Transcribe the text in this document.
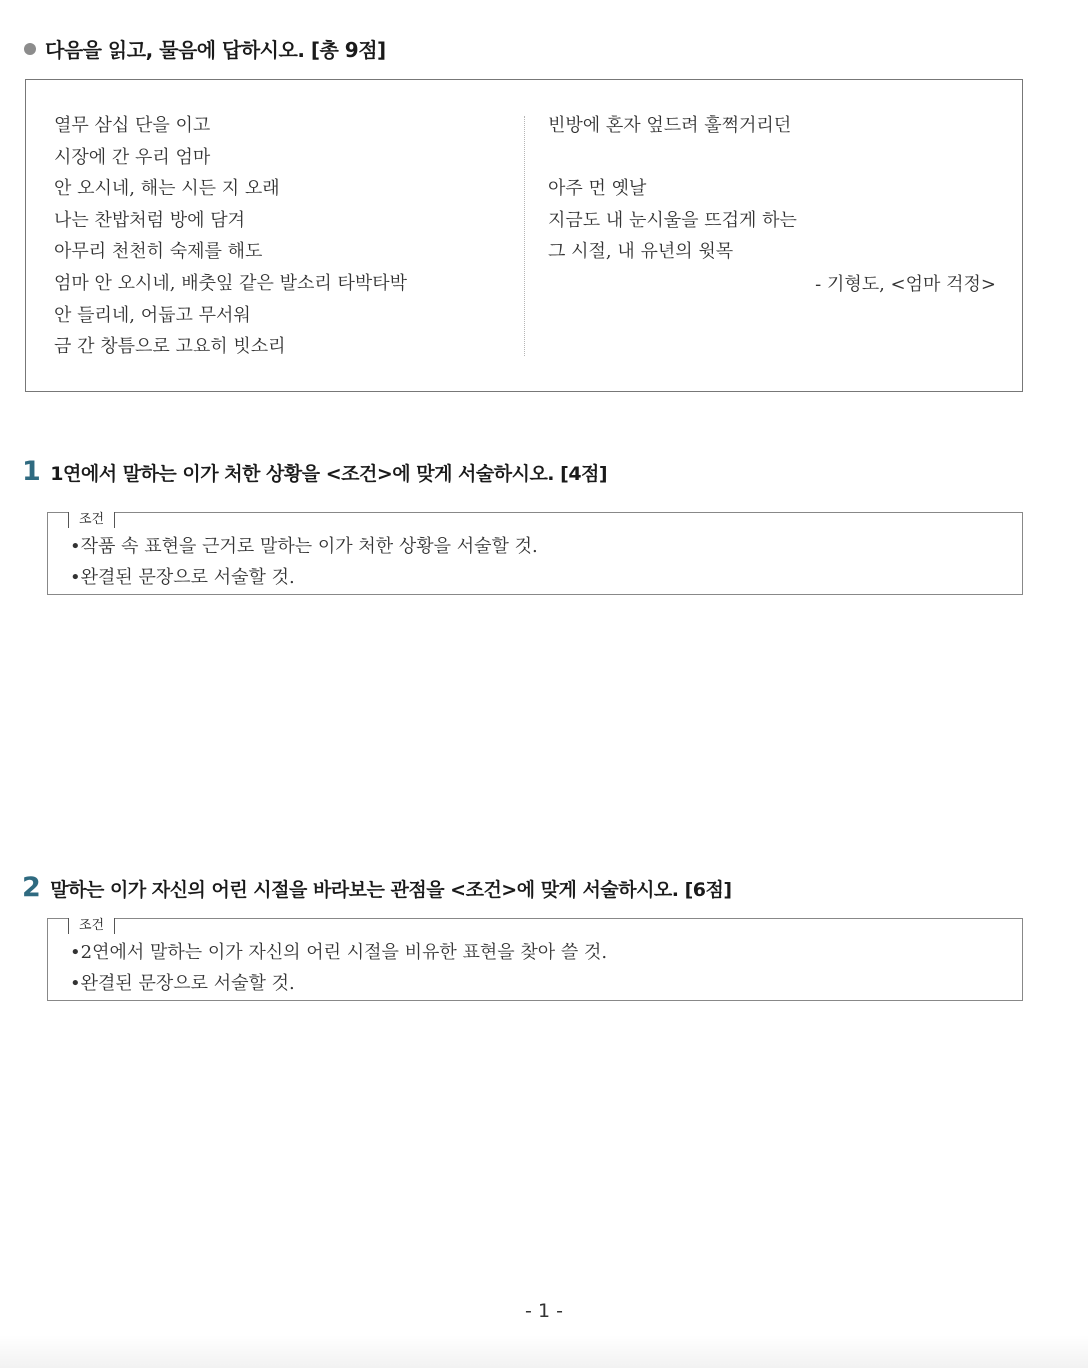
다음을 읽고, 물음에 답하시오. [총 9점]
열무 삼십 단을 이고
시장에 간 우리 엄마
안 오시네, 해는 시든 지 오래
나는 찬밥처럼 방에 담겨
아무리 천천히 숙제를 해도
엄마 안 오시네, 배춧잎 같은 발소리 타박타박
안 들리네, 어둡고 무서워
금 간 창틈으로 고요히 빗소리
빈방에 혼자 엎드려 훌쩍거리던
아주 먼 옛날
지금도 내 눈시울을 뜨겁게 하는
그 시절, 내 유년의 윗목
- 기형도, <엄마 걱정>
1 1연에서 말하는 이가 처한 상황을 <조건>에 맞게 서술하시오. [4점]
조건
•작품 속 표현을 근거로 말하는 이가 처한 상황을 서술할 것.
•완결된 문장으로 서술할 것.
2 말하는 이가 자신의 어린 시절을 바라보는 관점을 <조건>에 맞게 서술하시오. [6점]
조건
•2연에서 말하는 이가 자신의 어린 시절을 비유한 표현을 찾아 쓸 것.
•완결된 문장으로 서술할 것.
- 1 -
